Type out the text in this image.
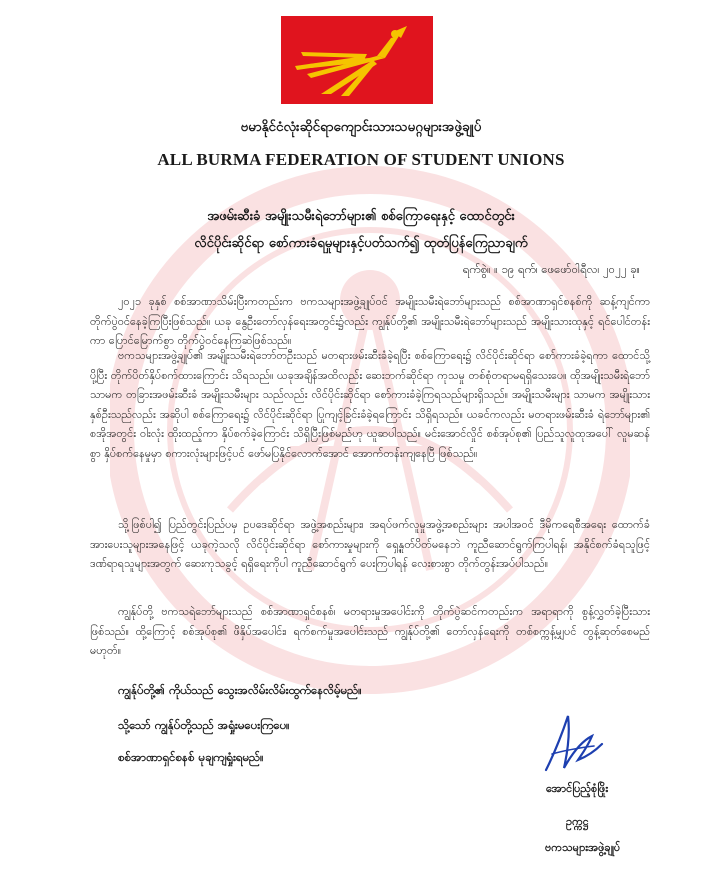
ဗမာနိုင်ငံလုံးဆိုင်ရာကျောင်းသားသမဂ္ဂများအဖွဲ့ချုပ်
ALL BURMA FEDERATION OF STUDENT UNIONS
အဖမ်းဆီးခံ အမျိုးသမီးရဲဘော်များ၏ စစ်ကြောရေးနှင့် ထောင်တွင်း
လိင်ပိုင်းဆိုင်ရာ စော်ကားခံရမှုများနှင့်ပတ်သက်၍ ထုတ်ပြန်ကြေညာချက်
ရက်စွဲ။ ။ ၁၉ ရက်၊ ဖေဖော်ဝါရီလ၊ ၂၀၂၂ ခု။

၂၀၂၁ ခုနှစ် စစ်အာဏာသိမ်းပြီးကတည်းက ဗကသများအဖွဲ့ချုပ်ဝင် အမျိုးသမီးရဲဘော်များသည် စစ်အာဏာရှင်စနစ်ကို ဆန့်ကျင်ကာ တိုက်ပွဲဝင်နေခဲ့ကြပြီးဖြစ်သည်။ ယခု နွေဦးတော်လှန်ရေးအတွင်း၌လည်း ကျွန်ုပ်တို့၏ အမျိုးသမီးရဲဘော်များသည် အမျိုးသားထုနှင့် ရင်ပေါင်တန်းကာ ပြောင်မြောက်စွာ တိုက်ပွဲဝင်နေကြဆဲဖြစ်သည်။

ဗကသများအဖွဲ့ချုပ်၏ အမျိုးသမီးရဲဘော်တဦးသည် မတရားဖမ်းဆီးခံခဲ့ရပြီး စစ်ကြောရေး၌ လိင်ပိုင်းဆိုင်ရာ စော်ကားခံခဲ့ရကာ ထောင်သို့ပို့ပြီး တိုက်ပိတ်နှိပ်စက်ထားကြောင်း သိရသည်။ ယခုအချိန်အထိလည်း ဆေးဘက်ဆိုင်ရာ ကုသမှု တစ်စုံတရာမရရှိသေးပေ။ ထိုအမျိုးသမီးရဲဘော်သာမက တခြားအဖမ်းဆီးခံ အမျိုးသမီးများ သည်လည်း လိင်ပိုင်းဆိုင်ရာ စော်ကားခံခဲ့ကြရသည်များရှိသည်။ အမျိုးသမီးများ သာမက အမျိုးသားနှစ်ဦးသည်လည်း အဆိုပါ စစ်ကြောရေး၌ လိင်ပိုင်းဆိုင်ရာ ပြုကျင့်ခြင်းခံခဲ့ရကြောင်း သိရှိရသည်။ ယခင်ကလည်း မတရားဖမ်းဆီးခံ ရဲဘော်များ၏ စအိုအတွင်း ဝါးလုံး ထိုးထည့်ကာ နှိပ်စက်ခဲ့ကြောင်း သိရှိပြီးဖြစ်မည်ဟု ယူဆပါသည်။ မင်းအောင်လှိုင် စစ်အုပ်စု၏ ပြည်သူလူထုအပေါ် လူမဆန်စွာ နှိပ်စက်နေမှုမှာ စကားလုံးများဖြင့်ပင် ဖော်မပြနိုင်လောက်အောင် အောက်တန်းကျနေပြီ ဖြစ်သည်။

သို့ဖြစ်ပါ၍ ပြည်တွင်းပြည်ပမှ ဥပဒေဆိုင်ရာ အဖွဲ့အစည်းများ၊ အရပ်ဖက်လူမှုအဖွဲ့အစည်းများ အပါအဝင် ဒီမိုကရေစီအရေး ထောက်ခံအားပေးသူများအနေဖြင့် ယခုကဲ့သလို လိင်ပိုင်းဆိုင်ရာ စော်ကားမှုများကို ရှေ့နှုတ်ပိတ်မနေဘဲ ကူညီဆောင်ရွက်ကြပါရန်၊ အနိုင်စက်ခံရသူဖြင့် ဒဏ်ရာရသူများအတွက် ဆေးကုသခွင့် ရရှိရေးကိုပါ ကူညီဆောင်ရွက် ပေးကြပါရန် လေးစားစွာ တိုက်တွန်းအပ်ပါသည်။

ကျွန်ုပ်တို့ ဗကသရဲဘော်များသည် စစ်အာဏာရှင်စနစ်၊ မတရားမှုအပေါင်းကို တိုက်ပွဲဆင်ကတည်းက အရာရာကို စွန့်လွှတ်ခဲ့ပြီးသားဖြစ်သည်။ ထို့ကြောင့် စစ်အုပ်စု၏ ဖိနှိပ်အပေါင်း၊ ရက်စက်မှုအပေါင်းသည် ကျွန်ုပ်တို့၏ တော်လှန်ရေးကို တစ်စက္ကန့်မျှပင် တွန့်ဆုတ်စေမည် မဟုတ်။

ကျွန်ုပ်တို့၏ ကိုယ်သည် သွေးအလိမ်းလိမ်းထွက်နေလိမ့်မည်။
သို့သော် ကျွန်ုပ်တို့သည် အရှုံးမပေးကြပေ။
စစ်အာဏာရှင်စနစ် မုချကျရှုံးရမည်။
အောင်ပြည့်စုံဖြိုး
ဥက္ကဋ္ဌ
ဗကသများအဖွဲ့ချုပ်
